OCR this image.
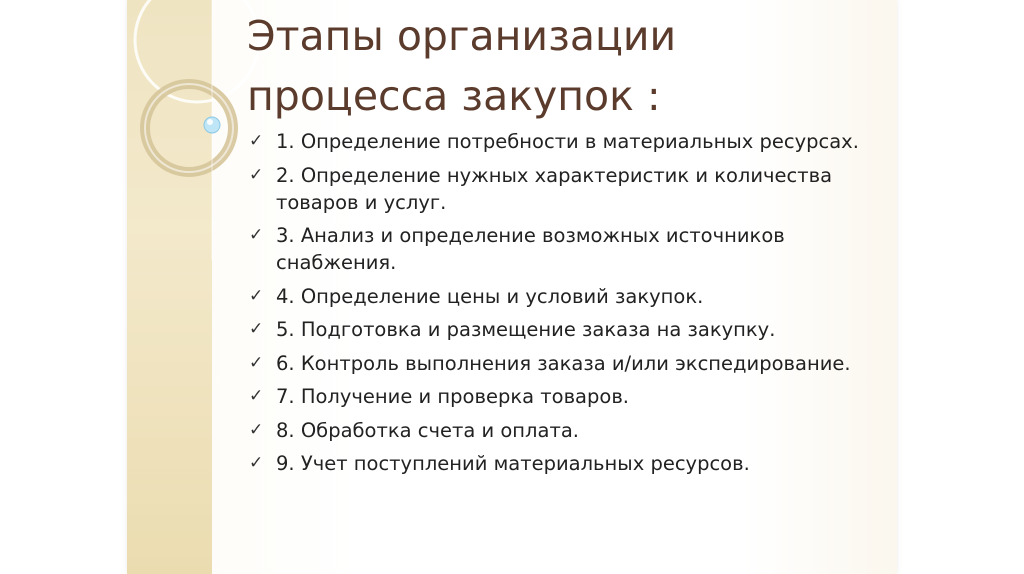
Этапы организации
процесса закупок :
✓ 1. Определение потребности в материальных ресурсах.
✓ 2. Определение нужных характеристик и количества товаров и услуг.
✓ 3. Анализ и определение возможных источников снабжения.
✓ 4. Определение цены и условий закупок.
✓ 5. Подготовка и размещение заказа на закупку.
✓ 6. Контроль выполнения заказа и/или экспедирование.
✓ 7. Получение и проверка товаров.
✓ 8. Обработка счета и оплата.
✓ 9. Учет поступлений материальных ресурсов.
